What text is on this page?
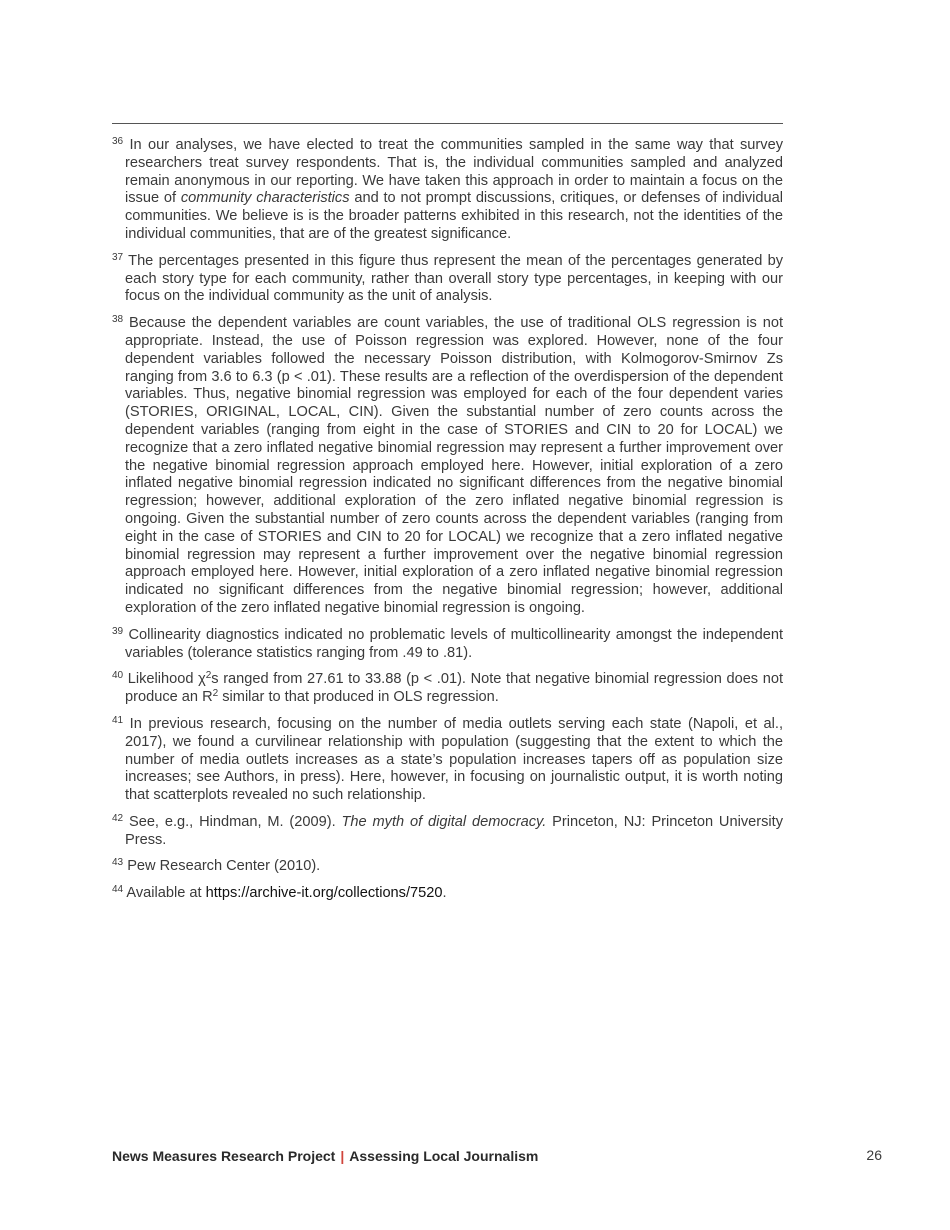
$^{36}$ In our analyses, we have elected to treat the communities sampled in the same way that survey researchers treat survey respondents. That is, the individual communities sampled and analyzed remain anonymous in our reporting. We have taken this approach in order to maintain a focus on the issue of community characteristics and to not prompt discussions, critiques, or defenses of individual communities. We believe is is the broader patterns exhibited in this research, not the identities of the individual communities, that are of the greatest significance.

$^{37}$ The percentages presented in this figure thus represent the mean of the percentages generated by each story type for each community, rather than overall story type percentages, in keeping with our focus on the individual community as the unit of analysis.

$^{38}$ Because the dependent variables are count variables, the use of traditional OLS regression is not appropriate. Instead, the use of Poisson regression was explored. However, none of the four dependent variables followed the necessary Poisson distribution, with Kolmogorov-Smirnov Zs ranging from 3.6 to 6.3 (p < .01). These results are a reflection of the overdispersion of the dependent variables. Thus, negative binomial regression was employed for each of the four dependent varies (STORIES, ORIGINAL, LOCAL, CIN). Given the substantial number of zero counts across the dependent variables (ranging from eight in the case of STORIES and CIN to 20 for LOCAL) we recognize that a zero inflated negative binomial regression may represent a further improvement over the negative binomial regression approach employed here. However, initial exploration of a zero inflated negative binomial regression indicated no significant differences from the negative binomial regression; however, additional exploration of the zero inflated negative binomial regression is ongoing. Given the substantial number of zero counts across the dependent variables (ranging from eight in the case of STORIES and CIN to 20 for LOCAL) we recognize that a zero inflated negative binomial regression may represent a further improvement over the negative binomial regression approach employed here. However, initial exploration of a zero inflated negative binomial regression indicated no significant differences from the negative binomial regression; however, additional exploration of the zero inflated negative binomial regression is ongoing.

$^{39}$ Collinearity diagnostics indicated no problematic levels of multicollinearity amongst the independent variables (tolerance statistics ranging from .49 to .81).

$^{40}$ Likelihood $\chi^2s$ ranged from 27.61 to 33.88 (p < .01). Note that negative binomial regression does not produce an $R^2$ similar to that produced in OLS regression.

$^{41}$ In previous research, focusing on the number of media outlets serving each state (Napoli, et al., 2017), we found a curvilinear relationship with population (suggesting that the extent to which the number of media outlets increases as a state’s population increases tapers off as population size increases; see Authors, in press). Here, however, in focusing on journalistic output, it is worth noting that scatterplots revealed no such relationship.

$^{42}$ See, e.g., Hindman, M. (2009). The myth of digital democracy. Princeton, NJ: Princeton University Press.

$^{43}$ Pew Research Center (2010).

$^{44}$ Available at https://archive-it.org/collections/7520.

News Measures Research Project | Assessing Local Journalism	26
